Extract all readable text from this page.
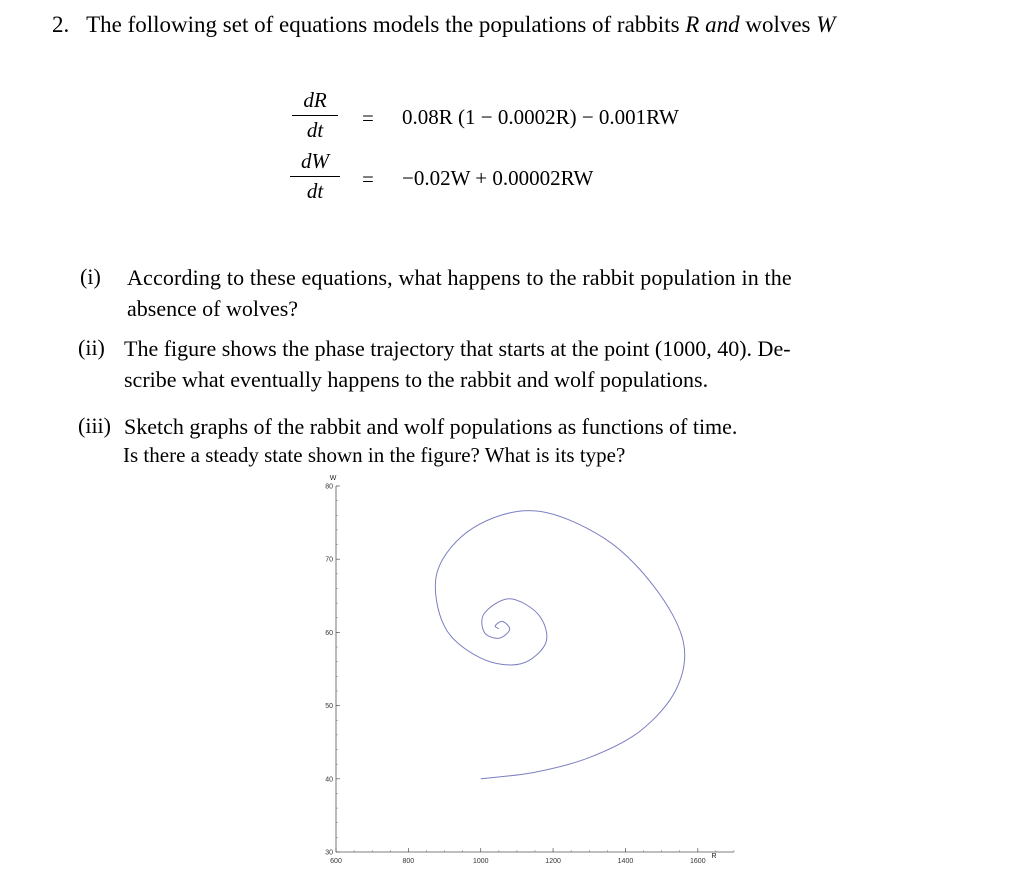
2. The following set of equations models the populations of rabbits R and wolves W
dR
dt	= 0.08R (1 − 0.0002R) − 0.001RW
dW
dt	= −0.02W + 0.00002RW
(i) According to these equations, what happens to the rabbit population in the
absence of wolves?
(ii) The figure shows the phase trajectory that starts at the point (1000, 40). De-
scribe what eventually happens to the rabbit and wolf populations.
(iii) Sketch graphs of the rabbit and wolf populations as functions of time.
Is there a steady state shown in the figure? What is its type?
600	800	1000	1200	1400	1600
30
40
50
60
70
80
W
R
